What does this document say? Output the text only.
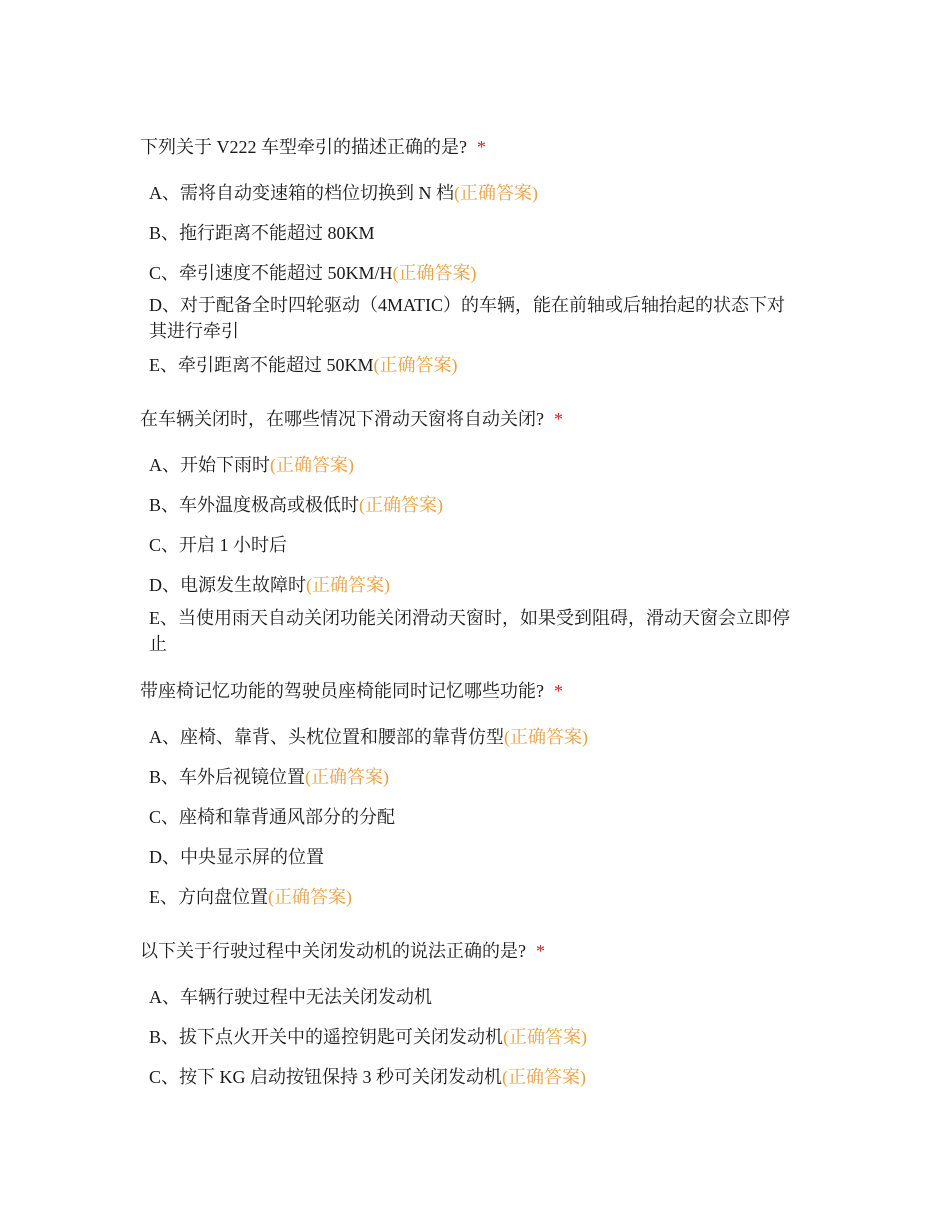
下列关于 V222 车型牵引的描述正确的是? *

A、需将自动变速箱的档位切换到 N 档(正确答案)
B、拖行距离不能超过 80KM
C、牵引速度不能超过 50KM/H(正确答案)
D、对于配备全时四轮驱动（4MATIC）的车辆，能在前轴或后轴抬起的状态下对其进行牵引
E、牵引距离不能超过 50KM(正确答案)

在车辆关闭时，在哪些情况下滑动天窗将自动关闭? *

A、开始下雨时(正确答案)
B、车外温度极高或极低时(正确答案)
C、开启 1 小时后
D、电源发生故障时(正确答案)
E、当使用雨天自动关闭功能关闭滑动天窗时，如果受到阻碍，滑动天窗会立即停止

带座椅记忆功能的驾驶员座椅能同时记忆哪些功能? *

A、座椅、靠背、头枕位置和腰部的靠背仿型(正确答案)
B、车外后视镜位置(正确答案)
C、座椅和靠背通风部分的分配
D、中央显示屏的位置
E、方向盘位置(正确答案)

以下关于行驶过程中关闭发动机的说法正确的是? *

A、车辆行驶过程中无法关闭发动机
B、拔下点火开关中的遥控钥匙可关闭发动机(正确答案)
C、按下 KG 启动按钮保持 3 秒可关闭发动机(正确答案)
